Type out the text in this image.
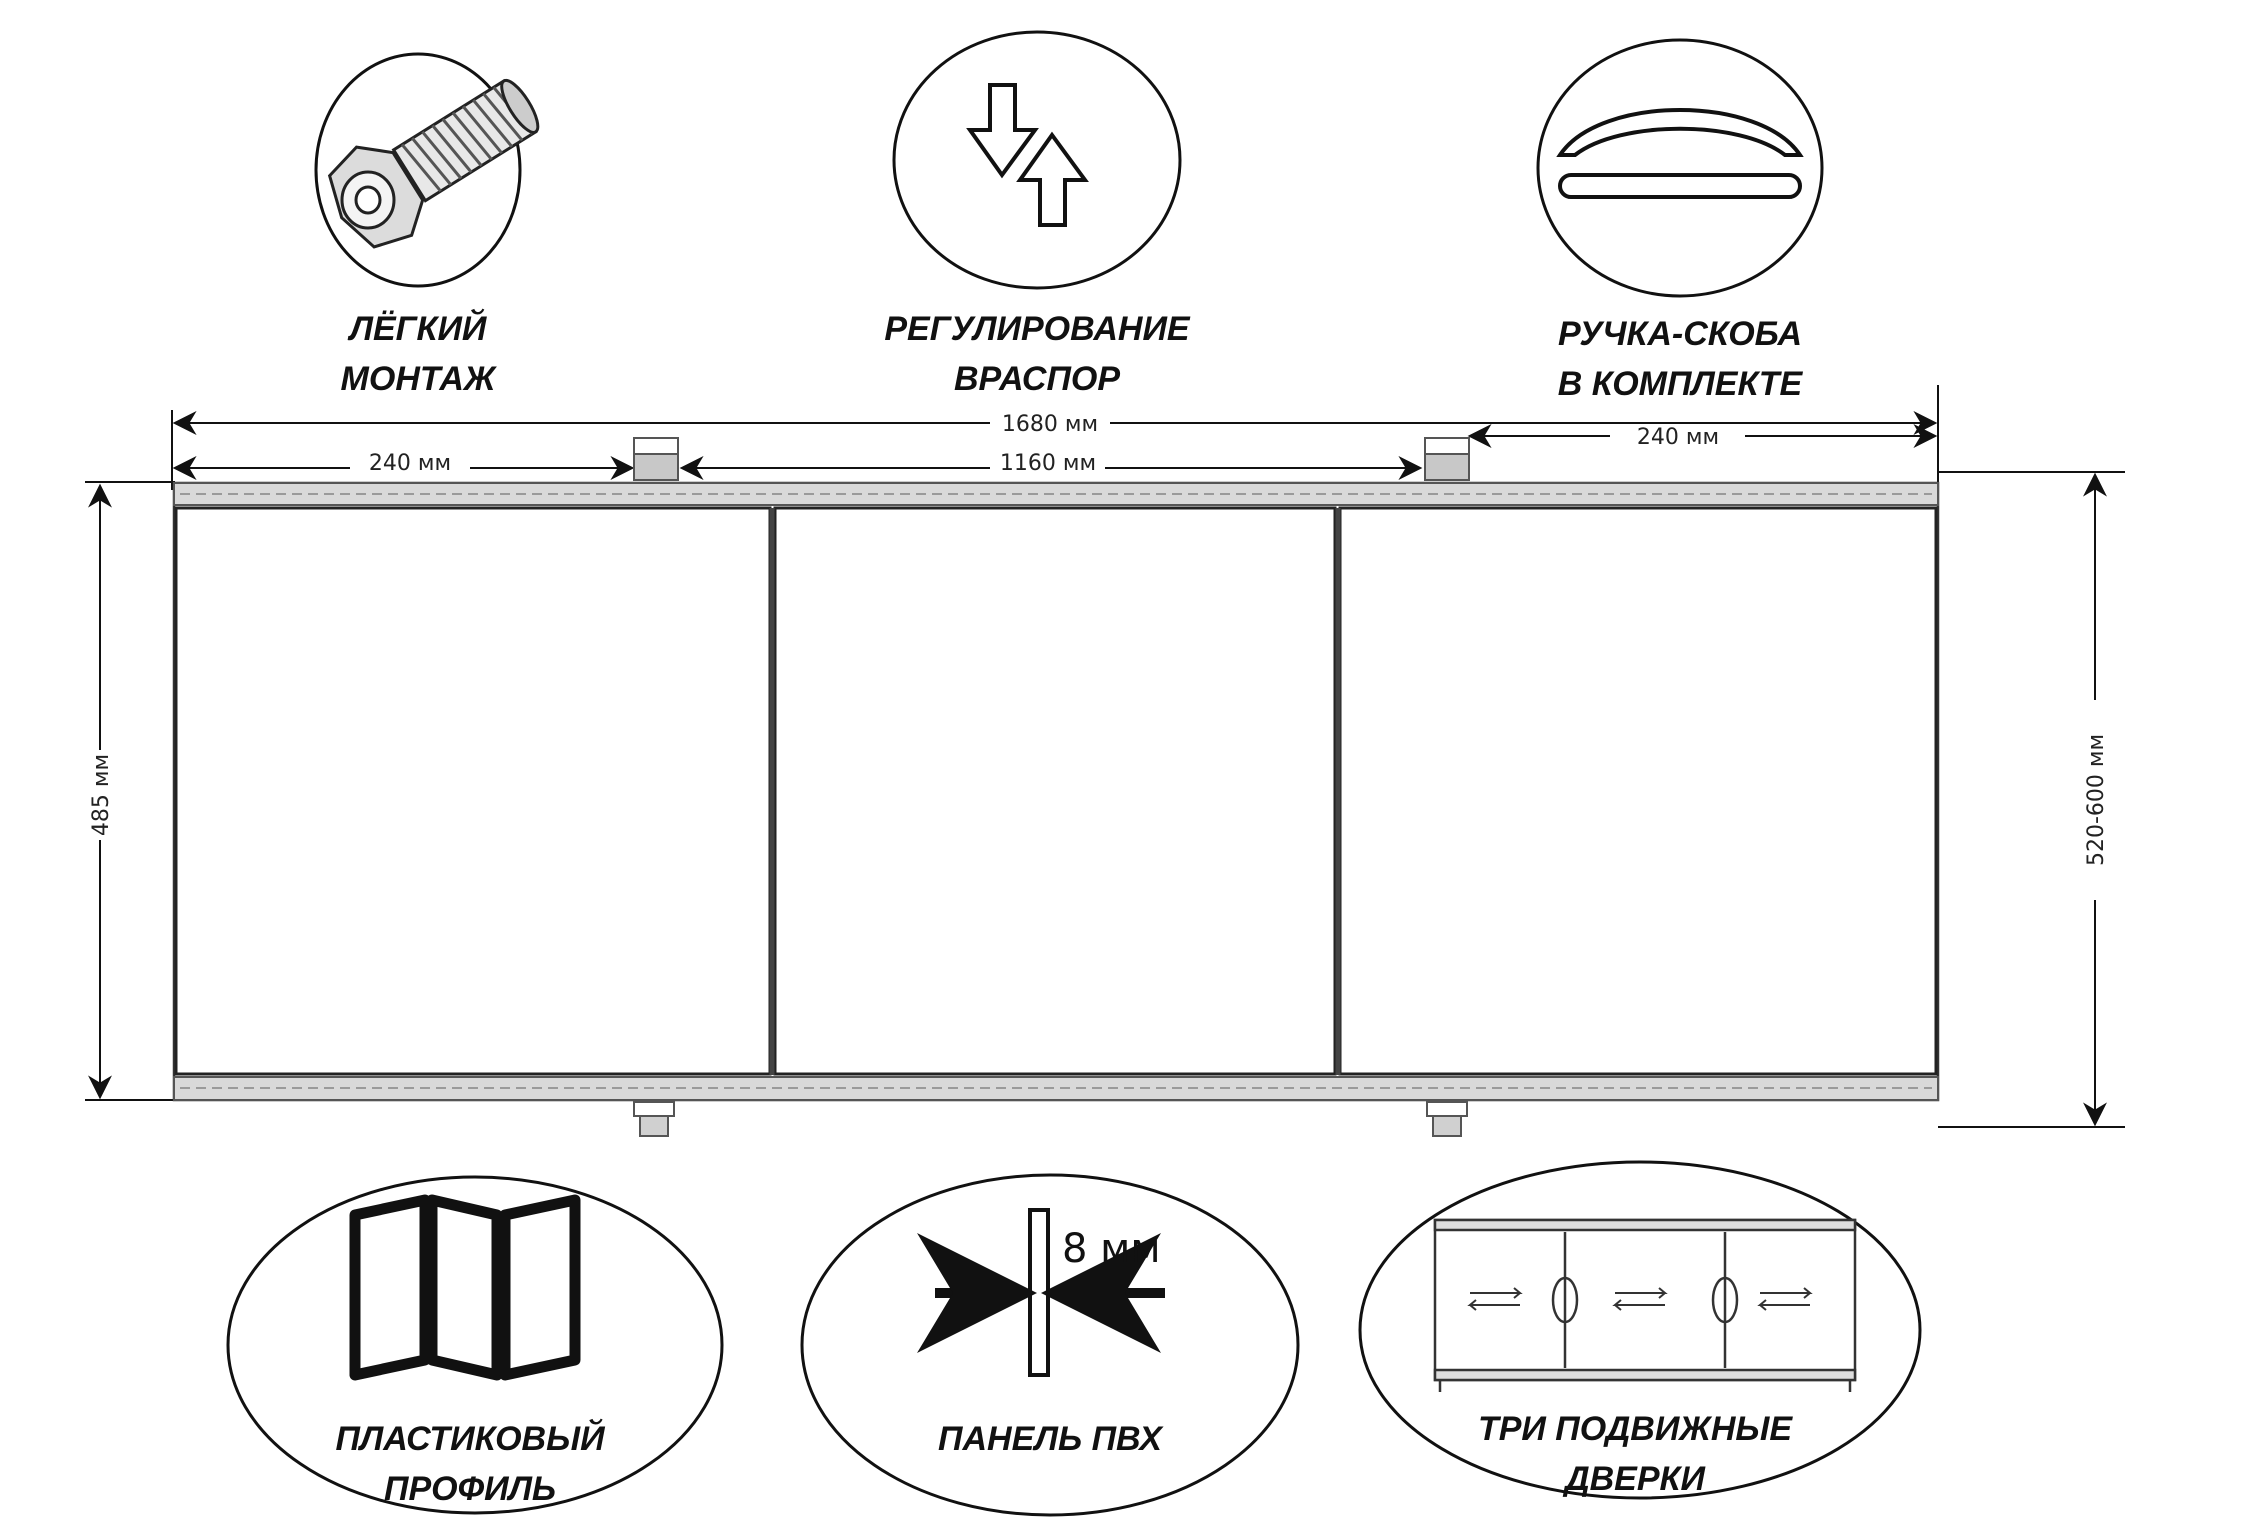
ЛЁГКИЙ
МОНТАЖ
РЕГУЛИРОВАНИЕ
ВРАСПОР
РУЧКА-СКОБА
В КОМПЛЕКТЕ
1680 мм
240 мм	1160 мм
240 мм
485 мм	520-600 мм
ПЛАСТИКОВЫЙ
ПРОФИЛЬ
8 мм
ПАНЕЛЬ ПВХ	ТРИ ПОДВИЖНЫЕ
ДВЕРКИ
